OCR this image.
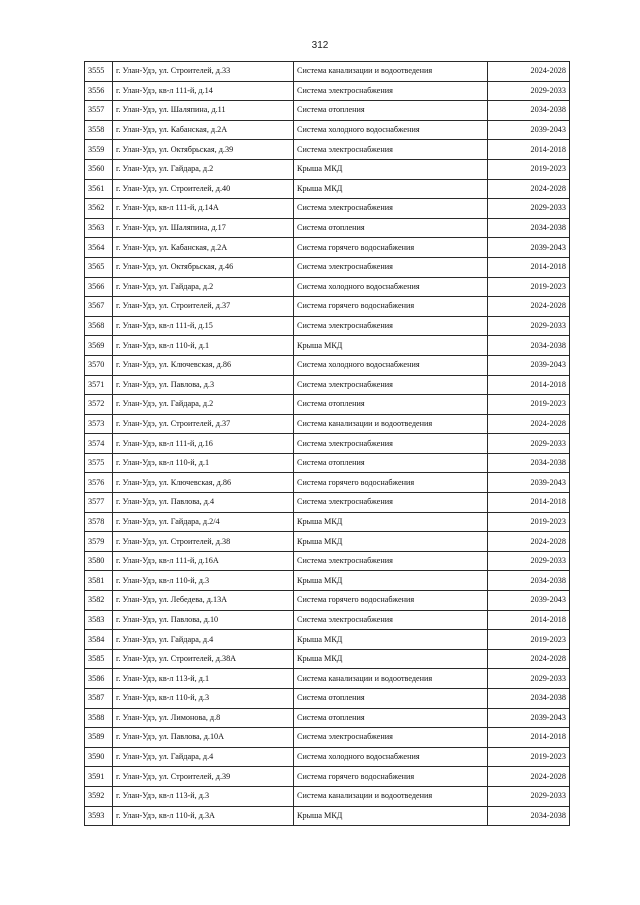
312
3555	г. Улан-Удэ, ул. Строителей, д.33	Система канализации и водоотведения	2024-2028
3556	г. Улан-Удэ, кв-л 111-й, д.14	Система электроснабжения	2029-2033
3557	г. Улан-Удэ, ул. Шаляпина, д.11	Система отопления	2034-2038
3558	г. Улан-Удэ, ул. Кабанская, д.2А	Система холодного водоснабжения	2039-2043
3559	г. Улан-Удэ, ул. Октябрьская, д.39	Система электроснабжения	2014-2018
3560	г. Улан-Удэ, ул. Гайдара, д.2	Крыша МКД	2019-2023
3561	г. Улан-Удэ, ул. Строителей, д.40	Крыша МКД	2024-2028
3562	г. Улан-Удэ, кв-л 111-й, д.14А	Система электроснабжения	2029-2033
3563	г. Улан-Удэ, ул. Шаляпина, д.17	Система отопления	2034-2038
3564	г. Улан-Удэ, ул. Кабанская, д.2А	Система горячего водоснабжения	2039-2043
3565	г. Улан-Удэ, ул. Октябрьская, д.46	Система электроснабжения	2014-2018
3566	г. Улан-Удэ, ул. Гайдара, д.2	Система холодного водоснабжения	2019-2023
3567	г. Улан-Удэ, ул. Строителей, д.37	Система горячего водоснабжения	2024-2028
3568	г. Улан-Удэ, кв-л 111-й, д.15	Система электроснабжения	2029-2033
3569	г. Улан-Удэ, кв-л 110-й, д.1	Крыша МКД	2034-2038
3570	г. Улан-Удэ, ул. Ключевская, д.86	Система холодного водоснабжения	2039-2043
3571	г. Улан-Удэ, ул. Павлова, д.3	Система электроснабжения	2014-2018
3572	г. Улан-Удэ, ул. Гайдара, д.2	Система отопления	2019-2023
3573	г. Улан-Удэ, ул. Строителей, д.37	Система канализации и водоотведения	2024-2028
3574	г. Улан-Удэ, кв-л 111-й, д.16	Система электроснабжения	2029-2033
3575	г. Улан-Удэ, кв-л 110-й, д.1	Система отопления	2034-2038
3576	г. Улан-Удэ, ул. Ключевская, д.86	Система горячего водоснабжения	2039-2043
3577	г. Улан-Удэ, ул. Павлова, д.4	Система электроснабжения	2014-2018
3578	г. Улан-Удэ, ул. Гайдара, д.2/4	Крыша МКД	2019-2023
3579	г. Улан-Удэ, ул. Строителей, д.38	Крыша МКД	2024-2028
3580	г. Улан-Удэ, кв-л 111-й, д.16А	Система электроснабжения	2029-2033
3581	г. Улан-Удэ, кв-л 110-й, д.3	Крыша МКД	2034-2038
3582	г. Улан-Удэ, ул. Лебедева, д.13А	Система горячего водоснабжения	2039-2043
3583	г. Улан-Удэ, ул. Павлова, д.10	Система электроснабжения	2014-2018
3584	г. Улан-Удэ, ул. Гайдара, д.4	Крыша МКД	2019-2023
3585	г. Улан-Удэ, ул. Строителей, д.38А	Крыша МКД	2024-2028
3586	г. Улан-Удэ, кв-л 113-й, д.1	Система канализации и водоотведения	2029-2033
3587	г. Улан-Удэ, кв-л 110-й, д.3	Система отопления	2034-2038
3588	г. Улан-Удэ, ул. Лимонова, д.8	Система отопления	2039-2043
3589	г. Улан-Удэ, ул. Павлова, д.10А	Система электроснабжения	2014-2018
3590	г. Улан-Удэ, ул. Гайдара, д.4	Система холодного водоснабжения	2019-2023
3591	г. Улан-Удэ, ул. Строителей, д.39	Система горячего водоснабжения	2024-2028
3592	г. Улан-Удэ, кв-л 113-й, д.3	Система канализации и водоотведения	2029-2033
3593	г. Улан-Удэ, кв-л 110-й, д.3А	Крыша МКД	2034-2038
